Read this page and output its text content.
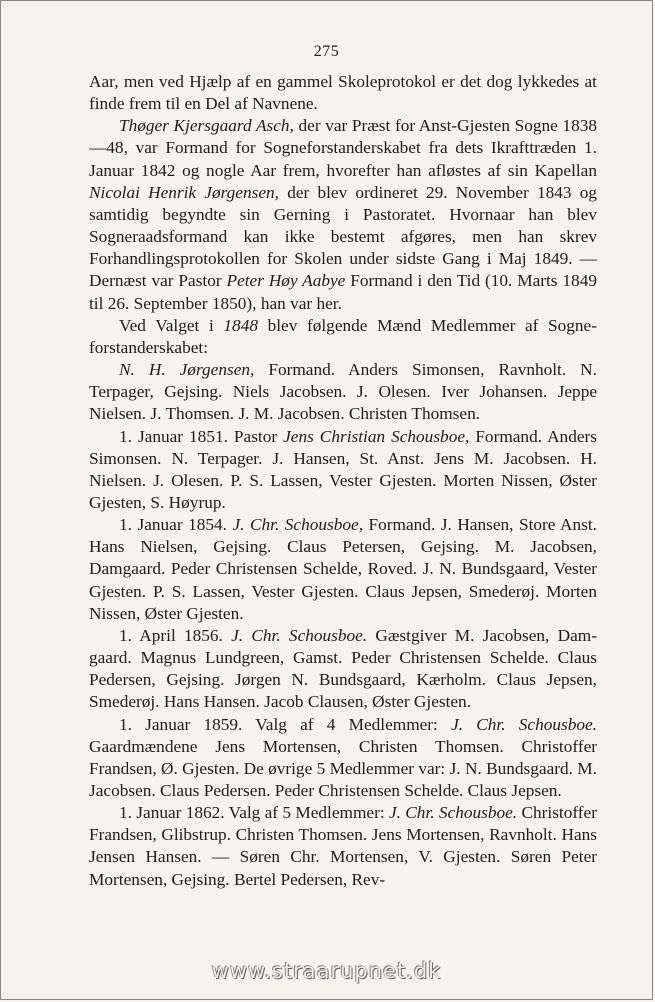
275

Aar, men ved Hjælp af en gammel Skoleprotokol er det dog lykkedes at finde frem til en Del af Navnene.

Thøger Kjersgaard Asch, der var Præst for Anst-Gjesten Sogne 1838—48, var Formand for Sogneforstanderskabet fra dets Ikrafttræden 1. Januar 1842 og nogle Aar frem, hvorefter han afløstes af sin Kapellan Nicolai Henrik Jørgensen, der blev ordineret 29. November 1843 og samtidig begyndte sin Gerning i Pastoratet. Hvornaar han blev Sogneraadsformand kan ikke bestemt afgøres, men han skrev Forhandlingsprotokollen for Skolen under sidste Gang i Maj 1849. — Dernæst var Pastor Peter Høy Aabye Formand i den Tid (10. Marts 1849 til 26. September 1850), han var her.

Ved Valget i 1848 blev følgende Mænd Medlemmer af Sogneforstanderskabet:

N. H. Jørgensen, Formand. Anders Simonsen, Ravnholt. N. Terpager, Gejsing. Niels Jacobsen. J. Olesen. Iver Johansen. Jeppe Nielsen. J. Thomsen. J. M. Jacobsen. Christen Thomsen.

1. Januar 1851. Pastor Jens Christian Schousboe, Formand. Anders Simonsen. N. Terpager. J. Hansen, St. Anst. Jens M. Jacobsen. H. Nielsen. J. Olesen. P. S. Lassen, Vester Gjesten. Morten Nissen, Øster Gjesten, S. Høyrup.

1. Januar 1854. J. Chr. Schousboe, Formand. J. Hansen, Store Anst. Hans Nielsen, Gejsing. Claus Petersen, Gejsing. M. Jacobsen, Damgaard. Peder Christensen Schelde, Roved. J. N. Bundsgaard, Vester Gjesten. P. S. Lassen, Vester Gjesten. Claus Jepsen, Smederøj. Morten Nissen, Øster Gjesten.

1. April 1856. J. Chr. Schousboe. Gæstgiver M. Jacobsen, Damgaard. Magnus Lundgreen, Gamst. Peder Christensen Schelde. Claus Pedersen, Gejsing. Jørgen N. Bundsgaard, Kærholm. Claus Jepsen, Smederøj. Hans Hansen. Jacob Clausen, Øster Gjesten.

1. Januar 1859. Valg af 4 Medlemmer: J. Chr. Schousboe. Gaardmændene Jens Mortensen, Christen Thomsen. Christoffer Frandsen, Ø. Gjesten. De øvrige 5 Medlemmer var: J. N. Bundsgaard. M. Jacobsen. Claus Pedersen. Peder Christensen Schelde. Claus Jepsen.

1. Januar 1862. Valg af 5 Medlemmer: J. Chr. Schousboe. Christoffer Frandsen, Glibstrup. Christen Thomsen. Jens Mortensen, Ravnholt. Hans Jensen Hansen. — Søren Chr. Mortensen, V. Gjesten. Søren Peter Mortensen, Gejsing. Bertel Pedersen, Rev-

www.straarupnet.dk
